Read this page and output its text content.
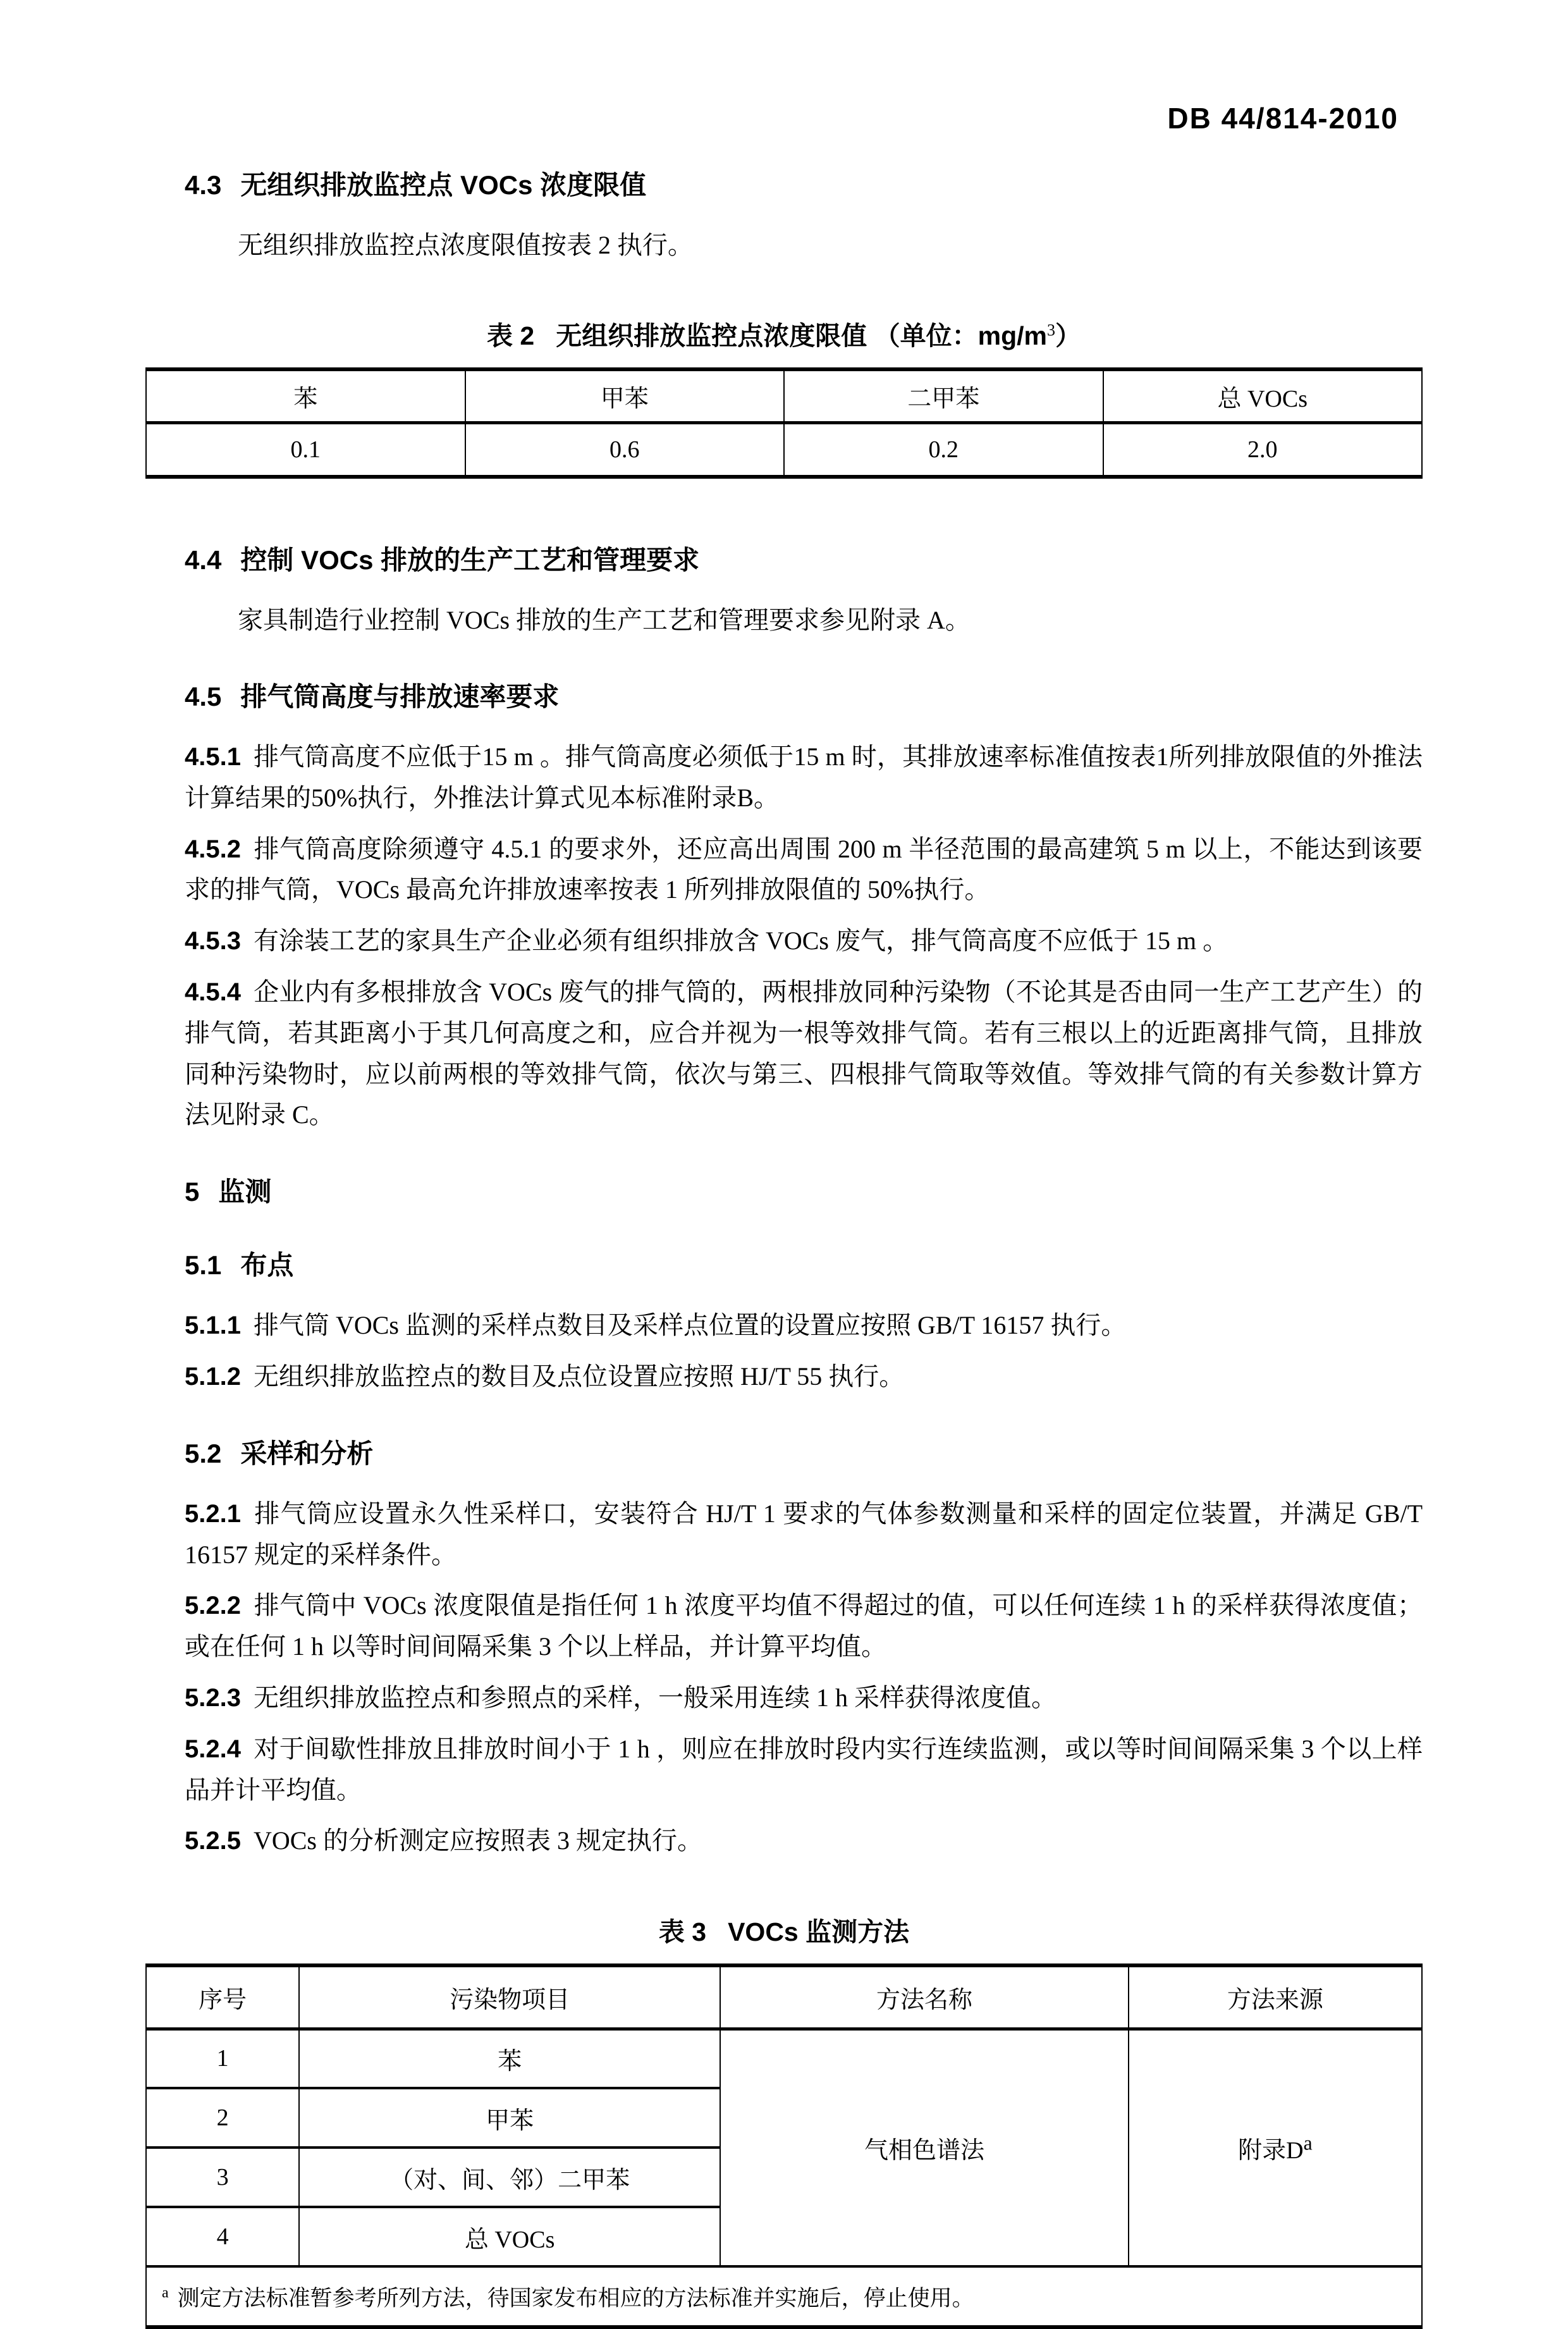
DB 44/814-2010
4.3 无组织排放监控点 VOCs 浓度限值

无组织排放监控点浓度限值按表 2 执行。

表 2 无组织排放监控点浓度限值 （单位：$mg/m^3$）
苯	甲苯	二甲苯	总 VOCs
0.1	0.6	0.2	2.0
4.4 控制 VOCs 排放的生产工艺和管理要求

家具制造行业控制 VOCs 排放的生产工艺和管理要求参见附录 A。

4.5 排气筒高度与排放速率要求

4.5.1 排气筒高度不应低于15 m 。排气筒高度必须低于15 m 时，其排放速率标准值按表1所列排放限值的外推法计算结果的50%执行，外推法计算式见本标准附录B。

4.5.2 排气筒高度除须遵守 4.5.1 的要求外，还应高出周围 200 m 半径范围的最高建筑 5 m 以上，不能达到该要求的排气筒，VOCs 最高允许排放速率按表 1 所列排放限值的 50%执行。

4.5.3 有涂装工艺的家具生产企业必须有组织排放含 VOCs 废气，排气筒高度不应低于 15 m 。

4.5.4 企业内有多根排放含 VOCs 废气的排气筒的，两根排放同种污染物（不论其是否由同一生产工艺产生）的排气筒，若其距离小于其几何高度之和，应合并视为一根等效排气筒。若有三根以上的近距离排气筒，且排放同种污染物时，应以前两根的等效排气筒，依次与第三、四根排气筒取等效值。等效排气筒的有关参数计算方法见附录 C。

5 监测
5.1 布点

5.1.1 排气筒 VOCs 监测的采样点数目及采样点位置的设置应按照 GB/T 16157 执行。

5.1.2 无组织排放监控点的数目及点位设置应按照 HJ/T 55 执行。

5.2 采样和分析

5.2.1 排气筒应设置永久性采样口，安装符合 HJ/T 1 要求的气体参数测量和采样的固定位装置，并满足 GB/T 16157 规定的采样条件。

5.2.2 排气筒中 VOCs 浓度限值是指任何 1 h 浓度平均值不得超过的值，可以任何连续 1 h 的采样获得浓度值；或在任何 1 h 以等时间间隔采集 3 个以上样品，并计算平均值。

5.2.3 无组织排放监控点和参照点的采样，一般采用连续 1 h 采样获得浓度值。

5.2.4 对于间歇性排放且排放时间小于 1 h ，则应在排放时段内实行连续监测，或以等时间间隔采集 3 个以上样品并计平均值。

5.2.5 VOCs 的分析测定应按照表 3 规定执行。

表 3 VOCs 监测方法
序号	污染物项目	方法名称	方法来源
1	苯	气相色谱法	附录$D^a$
2	甲苯		
3	（对、间、邻）二甲苯		
4	总 VOCs		
$^a$ 测定方法标准暂参考所列方法，待国家发布相应的方法标准并实施后，停止使用。			
